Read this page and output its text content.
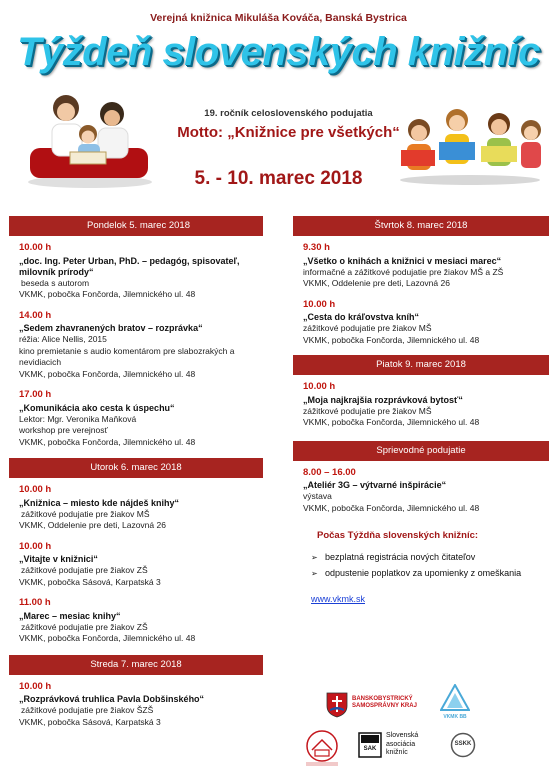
Verejná knižnica Mikuláša Kováča, Banská Bystrica
Týždeň slovenských knižníc
19. ročník celoslovenského podujatia
Motto: „Knižnice pre všetkých“
5. - 10. marec 2018
Pondelok 5. marec 2018
10.00 h
„doc. Ing. Peter Urban, PhD. – pedagóg, spisovateľ, milovník prírody“
beseda s autorom
VKMK, pobočka Fončorda, Jilemnického ul. 48
14.00 h
„Sedem zhavranených bratov – rozprávka“
réžia: Alice Nellis, 2015
kino premietanie s audio komentárom pre slabozrakých a nevidiacich
VKMK, pobočka Fončorda, Jilemnického ul. 48
17.00 h
„Komunikácia ako cesta k úspechu“
Lektor: Mgr. Veronika Maňková
workshop pre verejnosť
VKMK, pobočka Fončorda, Jilemnického ul. 48
Utorok 6. marec 2018
10.00 h
„Knižnica – miesto kde nájdeš knihy“
zážitkové podujatie pre žiakov MŠ
VKMK, Oddelenie pre deti, Lazovná 26
10.00 h
„Vitajte v knižnici“
zážitkové podujatie pre žiakov ZŠ
VKMK, pobočka Sásová, Karpatská 3
11.00 h
„Marec – mesiac knihy“
zážitkové podujatie pre žiakov ZŠ
VKMK, pobočka Fončorda, Jilemnického ul. 48
Streda 7. marec 2018
10.00 h
„Rozprávková truhlica Pavla Dobšinského“
zážitkové podujatie pre žiakov ŠZŠ
VKMK, pobočka Sásová, Karpatská 3
Štvrtok 8. marec 2018
9.30 h
„Všetko o knihách a knižnici v mesiaci marec“
informačné a zážitkové podujatie pre žiakov MŠ a ZŠ
VKMK, Oddelenie pre deti, Lazovná 26
10.00 h
„Cesta do kráľovstva kníh“
zážitkové podujatie pre žiakov MŠ
VKMK, pobočka Fončorda, Jilemnického ul. 48
Piatok 9. marec 2018
10.00 h
„Moja najkrajšia rozprávková bytosť“
zážitkové podujatie pre žiakov MŠ
VKMK, pobočka Fončorda, Jilemnického ul. 48
Sprievodné podujatie
8.00 – 16.00
„Ateliér 3G – výtvarné inšpirácie“
výstava
VKMK, pobočka Fončorda, Jilemnického ul. 48
Počas Týždňa slovenských knižníc:
➢ bezplatná registrácia nových čitateľov
➢ odpustenie poplatkov za upomienky z omeškania
www.vkmk.sk
BANSKOBYSTRICKÝ SAMOSPRÁVNY KRAJ
VKMK BB
SAK
Slovenská asociácia knižníc
SSKK
